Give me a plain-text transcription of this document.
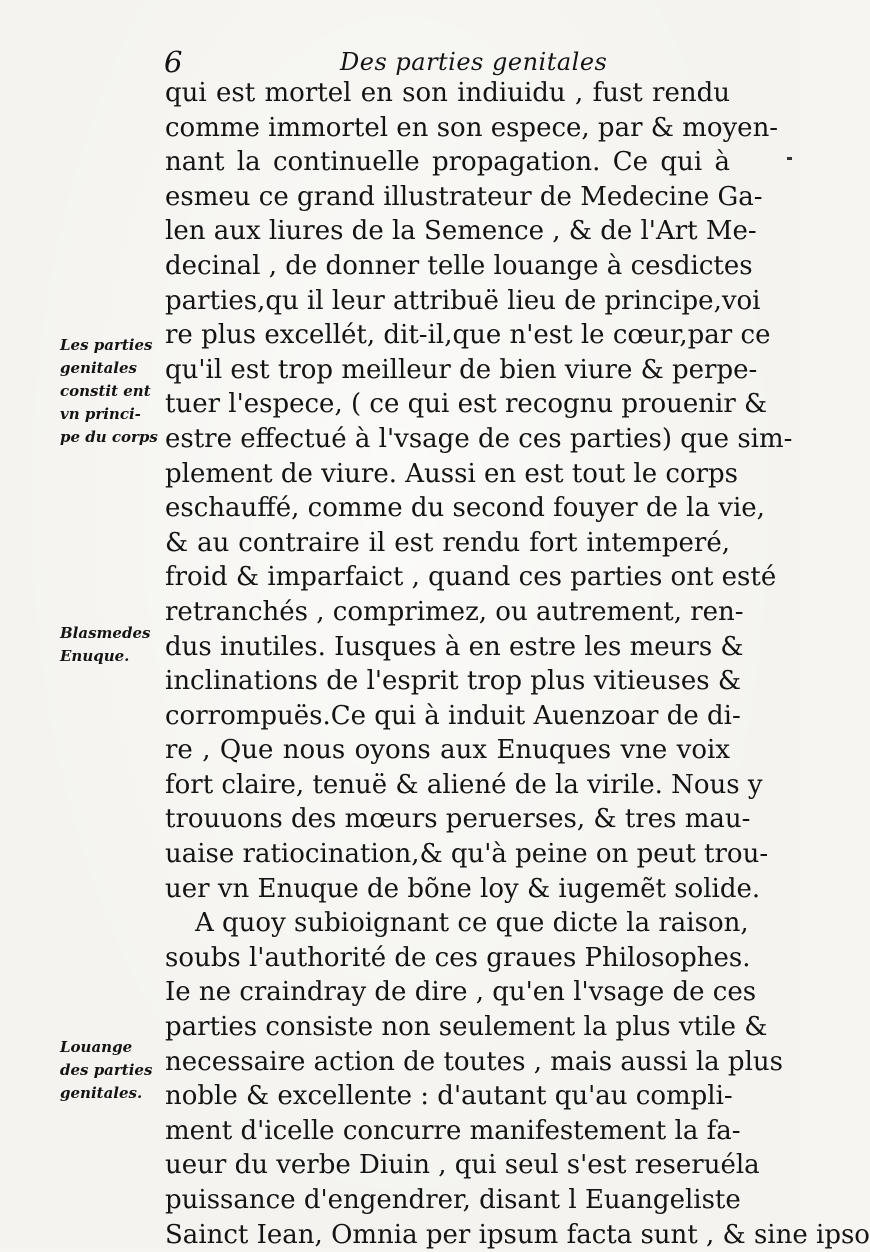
6	Des parties genitales
qui est mortel en son indiuidu , fust rendu
comme immortel en son espece, par & moyen-
nant la continuelle propagation. Ce qui à
esmeu ce grand illustrateur de Medecine Ga-
len aux liures de la Semence , & de l'Art Me-
decinal , de donner telle louange à cesdictes
parties,qu il leur attribuë lieu de principe,voi
re plus excellét, dit-il,que n'est le cœur,par ce
qu'il est trop meilleur de bien viure & perpe-
tuer l'espece, ( ce qui est recognu prouenir &
estre effectué à l'vsage de ces parties) que sim-
plement de viure. Aussi en est tout le corps
eschauffé, comme du second fouyer de la vie,
& au contraire il est rendu fort intemperé,
froid & imparfaict , quand ces parties ont esté
retranchés , comprimez, ou autrement, ren-
dus inutiles. Iusques à en estre les meurs &
inclinations de l'esprit trop plus vitieuses &
corrompuës.Ce qui à induit Auenzoar de di-
re , Que nous oyons aux Enuques vne voix
fort claire, tenuë & aliené de la virile. Nous y
trouuons des mœurs peruerses, & tres mau-
uaise ratiocination,& qu'à peine on peut trou-
uer vn Enuque de bõne loy & iugemẽt solide.
A quoy subioignant ce que dicte la raison,
soubs l'authorité de ces graues Philosophes.
Ie ne craindray de dire , qu'en l'vsage de ces
parties consiste non seulement la plus vtile &
necessaire action de toutes , mais aussi la plus
noble & excellente : d'autant qu'au compli-
ment d'icelle concurre manifestement la fa-
ueur du verbe Diuin , qui seul s'est reseruéla
puissance d'engendrer, disant l Euangeliste
Sainct Iean, Omnia per ipsum facta sunt , & sine ipso
Les parties
genitales
constit ent
vn princi-
pe du corps
Blasmedes
Enuque.
Louange
des parties
genitales.
